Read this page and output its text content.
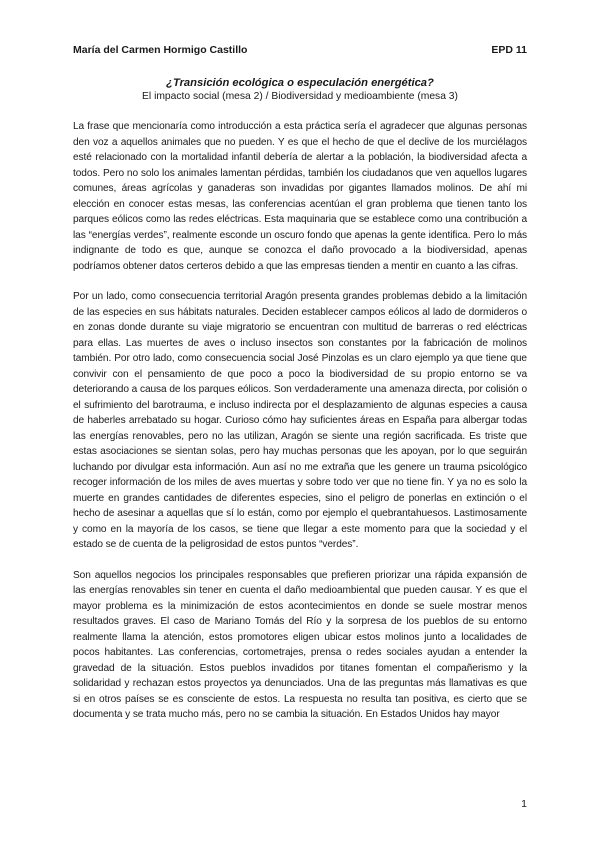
María del Carmen Hormigo Castillo	EPD 11
¿Transición ecológica o especulación energética?
El impacto social (mesa 2) / Biodiversidad y medioambiente (mesa 3)

La frase que mencionaría como introducción a esta práctica sería el agradecer que algunas personas den voz a aquellos animales que no pueden. Y es que el hecho de que el declive de los murciélagos esté relacionado con la mortalidad infantil debería de alertar a la población, la biodiversidad afecta a todos. Pero no solo los animales lamentan pérdidas, también los ciudadanos que ven aquellos lugares comunes, áreas agrícolas y ganaderas son invadidas por gigantes llamados molinos. De ahí mi elección en conocer estas mesas, las conferencias acentúan el gran problema que tienen tanto los parques eólicos como las redes eléctricas. Esta maquinaria que se establece como una contribución a las “energías verdes”, realmente esconde un oscuro fondo que apenas la gente identifica. Pero lo más indignante de todo es que, aunque se conozca el daño provocado a la biodiversidad, apenas podríamos obtener datos certeros debido a que las empresas tienden a mentir en cuanto a las cifras.

Por un lado, como consecuencia territorial Aragón presenta grandes problemas debido a la limitación de las especies en sus hábitats naturales. Deciden establecer campos eólicos al lado de dormideros o en zonas donde durante su viaje migratorio se encuentran con multitud de barreras o red eléctricas para ellas. Las muertes de aves o incluso insectos son constantes por la fabricación de molinos también. Por otro lado, como consecuencia social José Pinzolas es un claro ejemplo ya que tiene que convivir con el pensamiento de que poco a poco la biodiversidad de su propio entorno se va deteriorando a causa de los parques eólicos. Son verdaderamente una amenaza directa, por colisión o el sufrimiento del barotrauma, e incluso indirecta por el desplazamiento de algunas especies a causa de haberles arrebatado su hogar. Curioso cómo hay suficientes áreas en España para albergar todas las energías renovables, pero no las utilizan, Aragón se siente una región sacrificada. Es triste que estas asociaciones se sientan solas, pero hay muchas personas que les apoyan, por lo que seguirán luchando por divulgar esta información. Aun así no me extraña que les genere un trauma psicológico recoger información de los miles de aves muertas y sobre todo ver que no tiene fin. Y ya no es solo la muerte en grandes cantidades de diferentes especies, sino el peligro de ponerlas en extinción o el hecho de asesinar a aquellas que sí lo están, como por ejemplo el quebrantahuesos. Lastimosamente y como en la mayoría de los casos, se tiene que llegar a este momento para que la sociedad y el estado se de cuenta de la peligrosidad de estos puntos “verdes”.

Son aquellos negocios los principales responsables que prefieren priorizar una rápida expansión de las energías renovables sin tener en cuenta el daño medioambiental que pueden causar. Y es que el mayor problema es la minimización de estos acontecimientos en donde se suele mostrar menos resultados graves. El caso de Mariano Tomás del Río y la sorpresa de los pueblos de su entorno realmente llama la atención, estos promotores eligen ubicar estos molinos junto a localidades de pocos habitantes. Las conferencias, cortometrajes, prensa o redes sociales ayudan a entender la gravedad de la situación. Estos pueblos invadidos por titanes fomentan el compañerismo y la solidaridad y rechazan estos proyectos ya denunciados. Una de las preguntas más llamativas es que si en otros países se es consciente de estos. La respuesta no resulta tan positiva, es cierto que se documenta y se trata mucho más, pero no se cambia la situación. En Estados Unidos hay mayor

1
